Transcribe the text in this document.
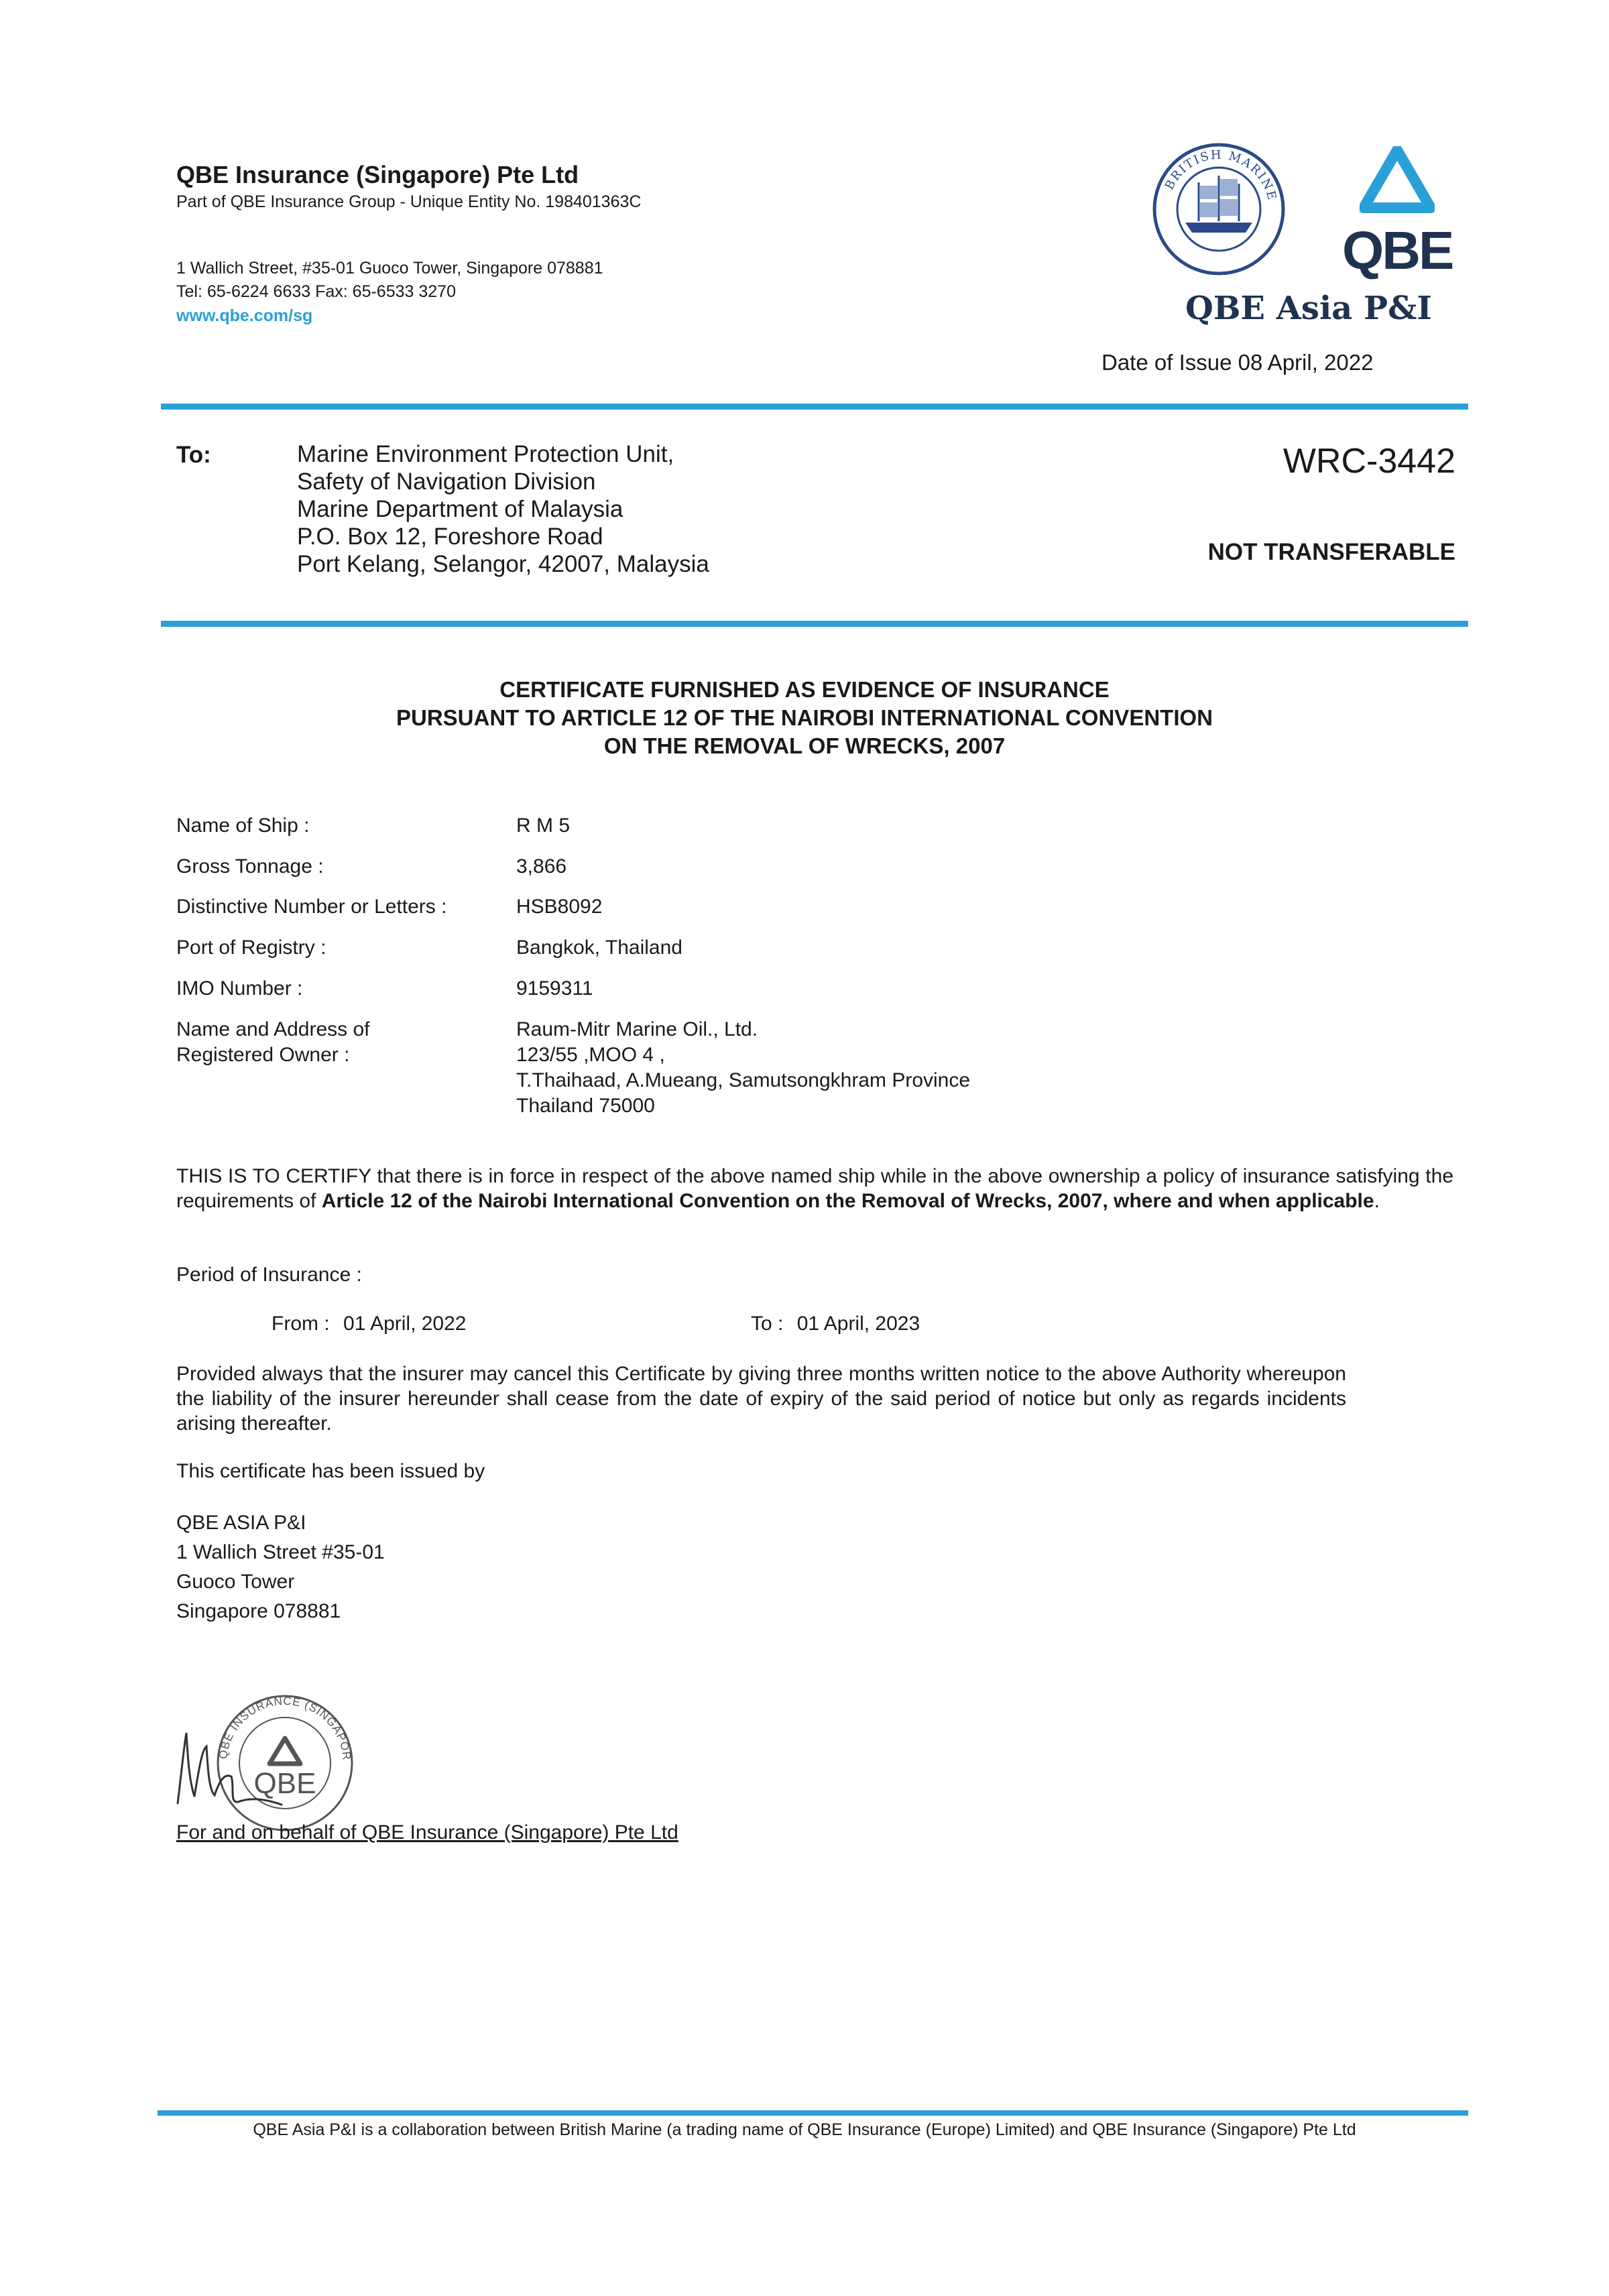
QBE Insurance (Singapore) Pte Ltd
Part of QBE Insurance Group - Unique Entity No. 198401363C
1 Wallich Street, #35-01 Guoco Tower, Singapore 078881
Tel: 65-6224 6633 Fax: 65-6533 3270
www.qbe.com/sg
BRITISH MARINE
QBE
QBE Asia P&I
Date of Issue 08 April, 2022
To:	Marine Environment Protection Unit,
Safety of Navigation Division
Marine Department of Malaysia
P.O. Box 12, Foreshore Road
Port Kelang, Selangor, 42007, Malaysia
WRC-3442
NOT TRANSFERABLE
CERTIFICATE FURNISHED AS EVIDENCE OF INSURANCE
PURSUANT TO ARTICLE 12 OF THE NAIROBI INTERNATIONAL CONVENTION
ON THE REMOVAL OF WRECKS, 2007
Name of Ship :	R M 5
Gross Tonnage :	3,866
Distinctive Number or Letters :	HSB8092
Port of Registry :	Bangkok, Thailand
IMO Number :	9159311
Name and Address of
Registered Owner :
Raum-Mitr Marine Oil., Ltd.
123/55 ,MOO 4 ,
T.Thaihaad, A.Mueang, Samutsongkhram Province
Thailand 75000
THIS IS TO CERTIFY that there is in force in respect of the above named ship while in the above ownership a policy of insurance satisfying the requirements of Article 12 of the Nairobi International Convention on the Removal of Wrecks, 2007, where and when applicable.
Period of Insurance :
From : 01 April, 2022	To : 01 April, 2023
Provided always that the insurer may cancel this Certificate by giving three months written notice to the above Authority whereupon the liability of the insurer hereunder shall cease from the date of expiry of the said period of notice but only as regards incidents arising thereafter.
This certificate has been issued by
QBE ASIA P&I
1 Wallich Street #35-01
Guoco Tower
Singapore 078881
QBE INSURANCE (SINGAPOR
QBE
For and on behalf of QBE Insurance (Singapore) Pte Ltd
QBE Asia P&I is a collaboration between British Marine (a trading name of QBE Insurance (Europe) Limited) and QBE Insurance (Singapore) Pte Ltd
